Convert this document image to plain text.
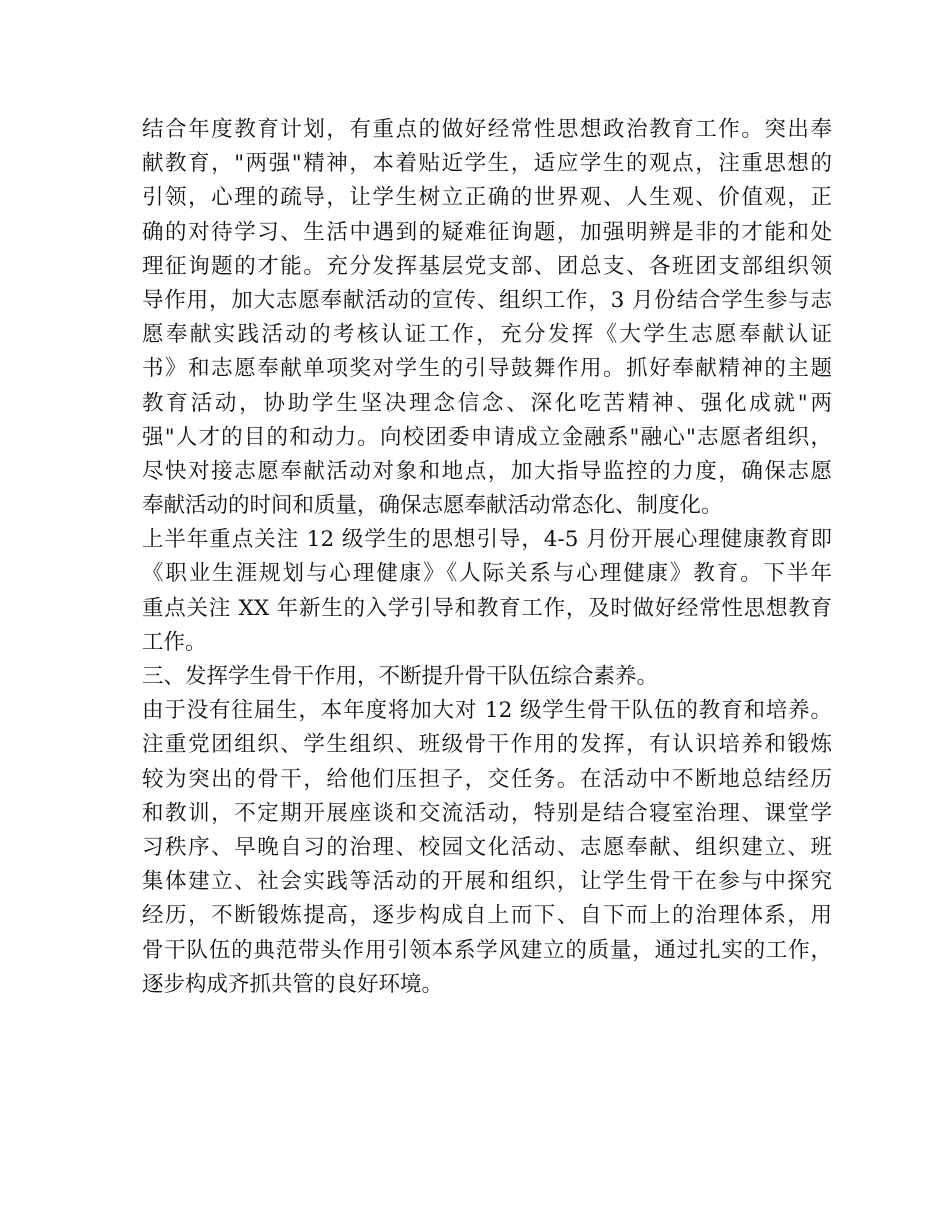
结合年度教育计划，有重点的做好经常性思想政治教育工作。突出奉
献教育，"两强"精神，本着贴近学生，适应学生的观点，注重思想的
引领，心理的疏导，让学生树立正确的世界观、人生观、价值观，正
确的对待学习、生活中遇到的疑难征询题，加强明辨是非的才能和处
理征询题的才能。充分发挥基层党支部、团总支、各班团支部组织领
导作用，加大志愿奉献活动的宣传、组织工作，3 月份结合学生参与志
愿奉献实践活动的考核认证工作，充分发挥《大学生志愿奉献认证
书》和志愿奉献单项奖对学生的引导鼓舞作用。抓好奉献精神的主题
教育活动，协助学生坚决理念信念、深化吃苦精神、强化成就"两
强"人才的目的和动力。向校团委申请成立金融系"融心"志愿者组织，
尽快对接志愿奉献活动对象和地点，加大指导监控的力度，确保志愿
奉献活动的时间和质量，确保志愿奉献活动常态化、制度化。
上半年重点关注 12 级学生的思想引导，4-5 月份开展心理健康教育即
《职业生涯规划与心理健康》《人际关系与心理健康》教育。下半年
重点关注 XX 年新生的入学引导和教育工作，及时做好经常性思想教育
工作。
三、发挥学生骨干作用，不断提升骨干队伍综合素养。
由于没有往届生，本年度将加大对 12 级学生骨干队伍的教育和培养。
注重党团组织、学生组织、班级骨干作用的发挥，有认识培养和锻炼
较为突出的骨干，给他们压担子，交任务。在活动中不断地总结经历
和教训，不定期开展座谈和交流活动，特别是结合寝室治理、课堂学
习秩序、早晚自习的治理、校园文化活动、志愿奉献、组织建立、班
集体建立、社会实践等活动的开展和组织，让学生骨干在参与中探究
经历，不断锻炼提高，逐步构成自上而下、自下而上的治理体系，用
骨干队伍的典范带头作用引领本系学风建立的质量，通过扎实的工作，
逐步构成齐抓共管的良好环境。
